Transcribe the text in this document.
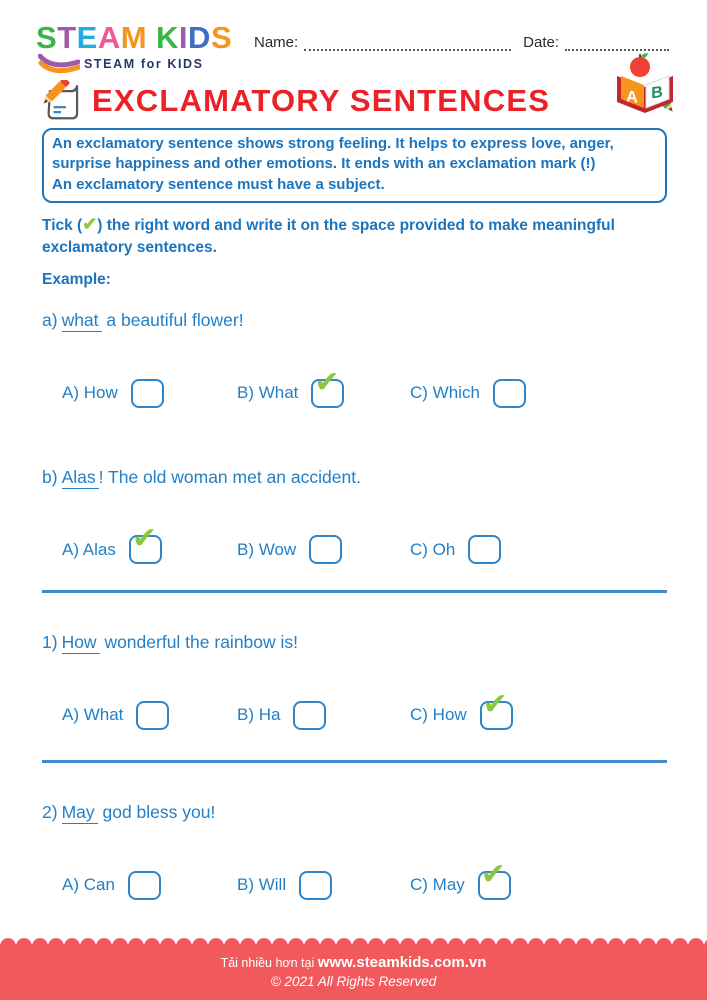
STEAM KIDS
STEAM for KIDS
Name:	Date:
EXCLAMATORY SENTENCES	A B
An exclamatory sentence shows strong feeling. It helps to express love, anger,
surprise happiness and other emotions. It ends with an exclamation mark (!)
An exclamatory sentence must have a subject.
Tick (✔) the right word and write it on the space provided to make meaningful exclamatory sentences.
Example:

a) what a beautiful flower!

A) How	B) What ✔	C) Which

b) Alas ! The old woman met an accident.

A) Alas ✔	B) Wow	C) Oh

1) How wonderful the rainbow is!

A) What	B) Ha	C) How ✔

2) May god bless you!

A) Can	B) Will	C) May ✔
Tải nhiều hơn tại www.steamkids.com.vn
© 2021 All Rights Reserved
